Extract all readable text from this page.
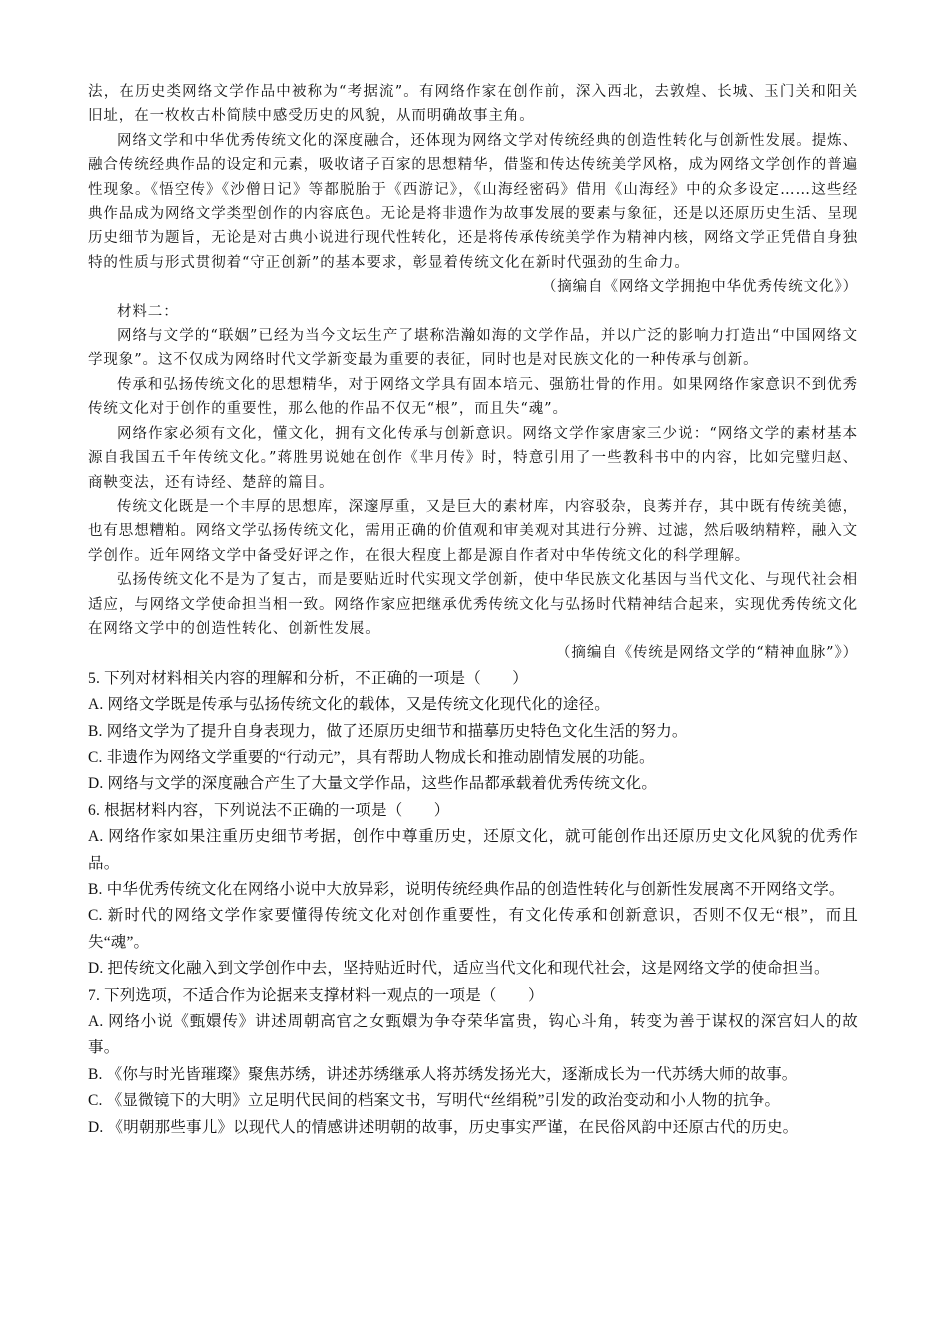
法，在历史类网络文学作品中被称为“考据流”。有网络作家在创作前，深入西北，去敦煌、长城、玉门关和阳关旧址，在一枚枚古朴简牍中感受历史的风貌，从而明确故事主角。

网络文学和中华优秀传统文化的深度融合，还体现为网络文学对传统经典的创造性转化与创新性发展。提炼、融合传统经典作品的设定和元素，吸收诸子百家的思想精华，借鉴和传达传统美学风格，成为网络文学创作的普遍性现象。《悟空传》《沙僧日记》等都脱胎于《西游记》，《山海经密码》借用《山海经》中的众多设定……这些经典作品成为网络文学类型创作的内容底色。无论是将非遗作为故事发展的要素与象征，还是以还原历史生活、呈现历史细节为题旨，无论是对古典小说进行现代性转化，还是将传承传统美学作为精神内核，网络文学正凭借自身独特的性质与形式贯彻着“守正创新”的基本要求，彰显着传统文化在新时代强劲的生命力。

（摘编自《网络文学拥抱中华优秀传统文化》）

材料二：

网络与文学的“联姻”已经为当今文坛生产了堪称浩瀚如海的文学作品，并以广泛的影响力打造出“中国网络文学现象”。这不仅成为网络时代文学新变最为重要的表征，同时也是对民族文化的一种传承与创新。

传承和弘扬传统文化的思想精华，对于网络文学具有固本培元、强筋壮骨的作用。如果网络作家意识不到优秀传统文化对于创作的重要性，那么他的作品不仅无“根”，而且失“魂”。

网络作家必须有文化，懂文化，拥有文化传承与创新意识。网络文学作家唐家三少说：“网络文学的素材基本源自我国五千年传统文化。”蒋胜男说她在创作《芈月传》时，特意引用了一些教科书中的内容，比如完璧归赵、商鞅变法，还有诗经、楚辞的篇目。

传统文化既是一个丰厚的思想库，深邃厚重，又是巨大的素材库，内容驳杂，良莠并存，其中既有传统美德，也有思想糟粕。网络文学弘扬传统文化，需用正确的价值观和审美观对其进行分辨、过滤，然后吸纳精粹，融入文学创作。近年网络文学中备受好评之作，在很大程度上都是源自作者对中华传统文化的科学理解。

弘扬传统文化不是为了复古，而是要贴近时代实现文学创新，使中华民族文化基因与当代文化、与现代社会相适应，与网络文学使命担当相一致。网络作家应把继承优秀传统文化与弘扬时代精神结合起来，实现优秀传统文化在网络文学中的创造性转化、创新性发展。

（摘编自《传统是网络文学的“精神血脉”》）

5. 下列对材料相关内容的理解和分析，不正确的一项是（　　）

A. 网络文学既是传承与弘扬传统文化的载体，又是传统文化现代化的途径。

B. 网络文学为了提升自身表现力，做了还原历史细节和描摹历史特色文化生活的努力。

C. 非遗作为网络文学重要的“行动元”，具有帮助人物成长和推动剧情发展的功能。

D. 网络与文学的深度融合产生了大量文学作品，这些作品都承载着优秀传统文化。

6. 根据材料内容，下列说法不正确的一项是（　　）

A. 网络作家如果注重历史细节考据，创作中尊重历史，还原文化，就可能创作出还原历史文化风貌的优秀作品。

B. 中华优秀传统文化在网络小说中大放异彩，说明传统经典作品的创造性转化与创新性发展离不开网络文学。

C. 新时代的网络文学作家要懂得传统文化对创作重要性，有文化传承和创新意识，否则不仅无“根”，而且失“魂”。

D. 把传统文化融入到文学创作中去，坚持贴近时代，适应当代文化和现代社会，这是网络文学的使命担当。

7. 下列选项，不适合作为论据来支撑材料一观点的一项是（　　）

A. 网络小说《甄嬛传》讲述周朝高官之女甄嬛为争夺荣华富贵，钩心斗角，转变为善于谋权的深宫妇人的故事。

B. 《你与时光皆璀璨》聚焦苏绣，讲述苏绣继承人将苏绣发扬光大，逐渐成长为一代苏绣大师的故事。

C. 《显微镜下的大明》立足明代民间的档案文书，写明代“丝绢税”引发的政治变动和小人物的抗争。

D. 《明朝那些事儿》以现代人的情感讲述明朝的故事，历史事实严谨，在民俗风韵中还原古代的历史。
